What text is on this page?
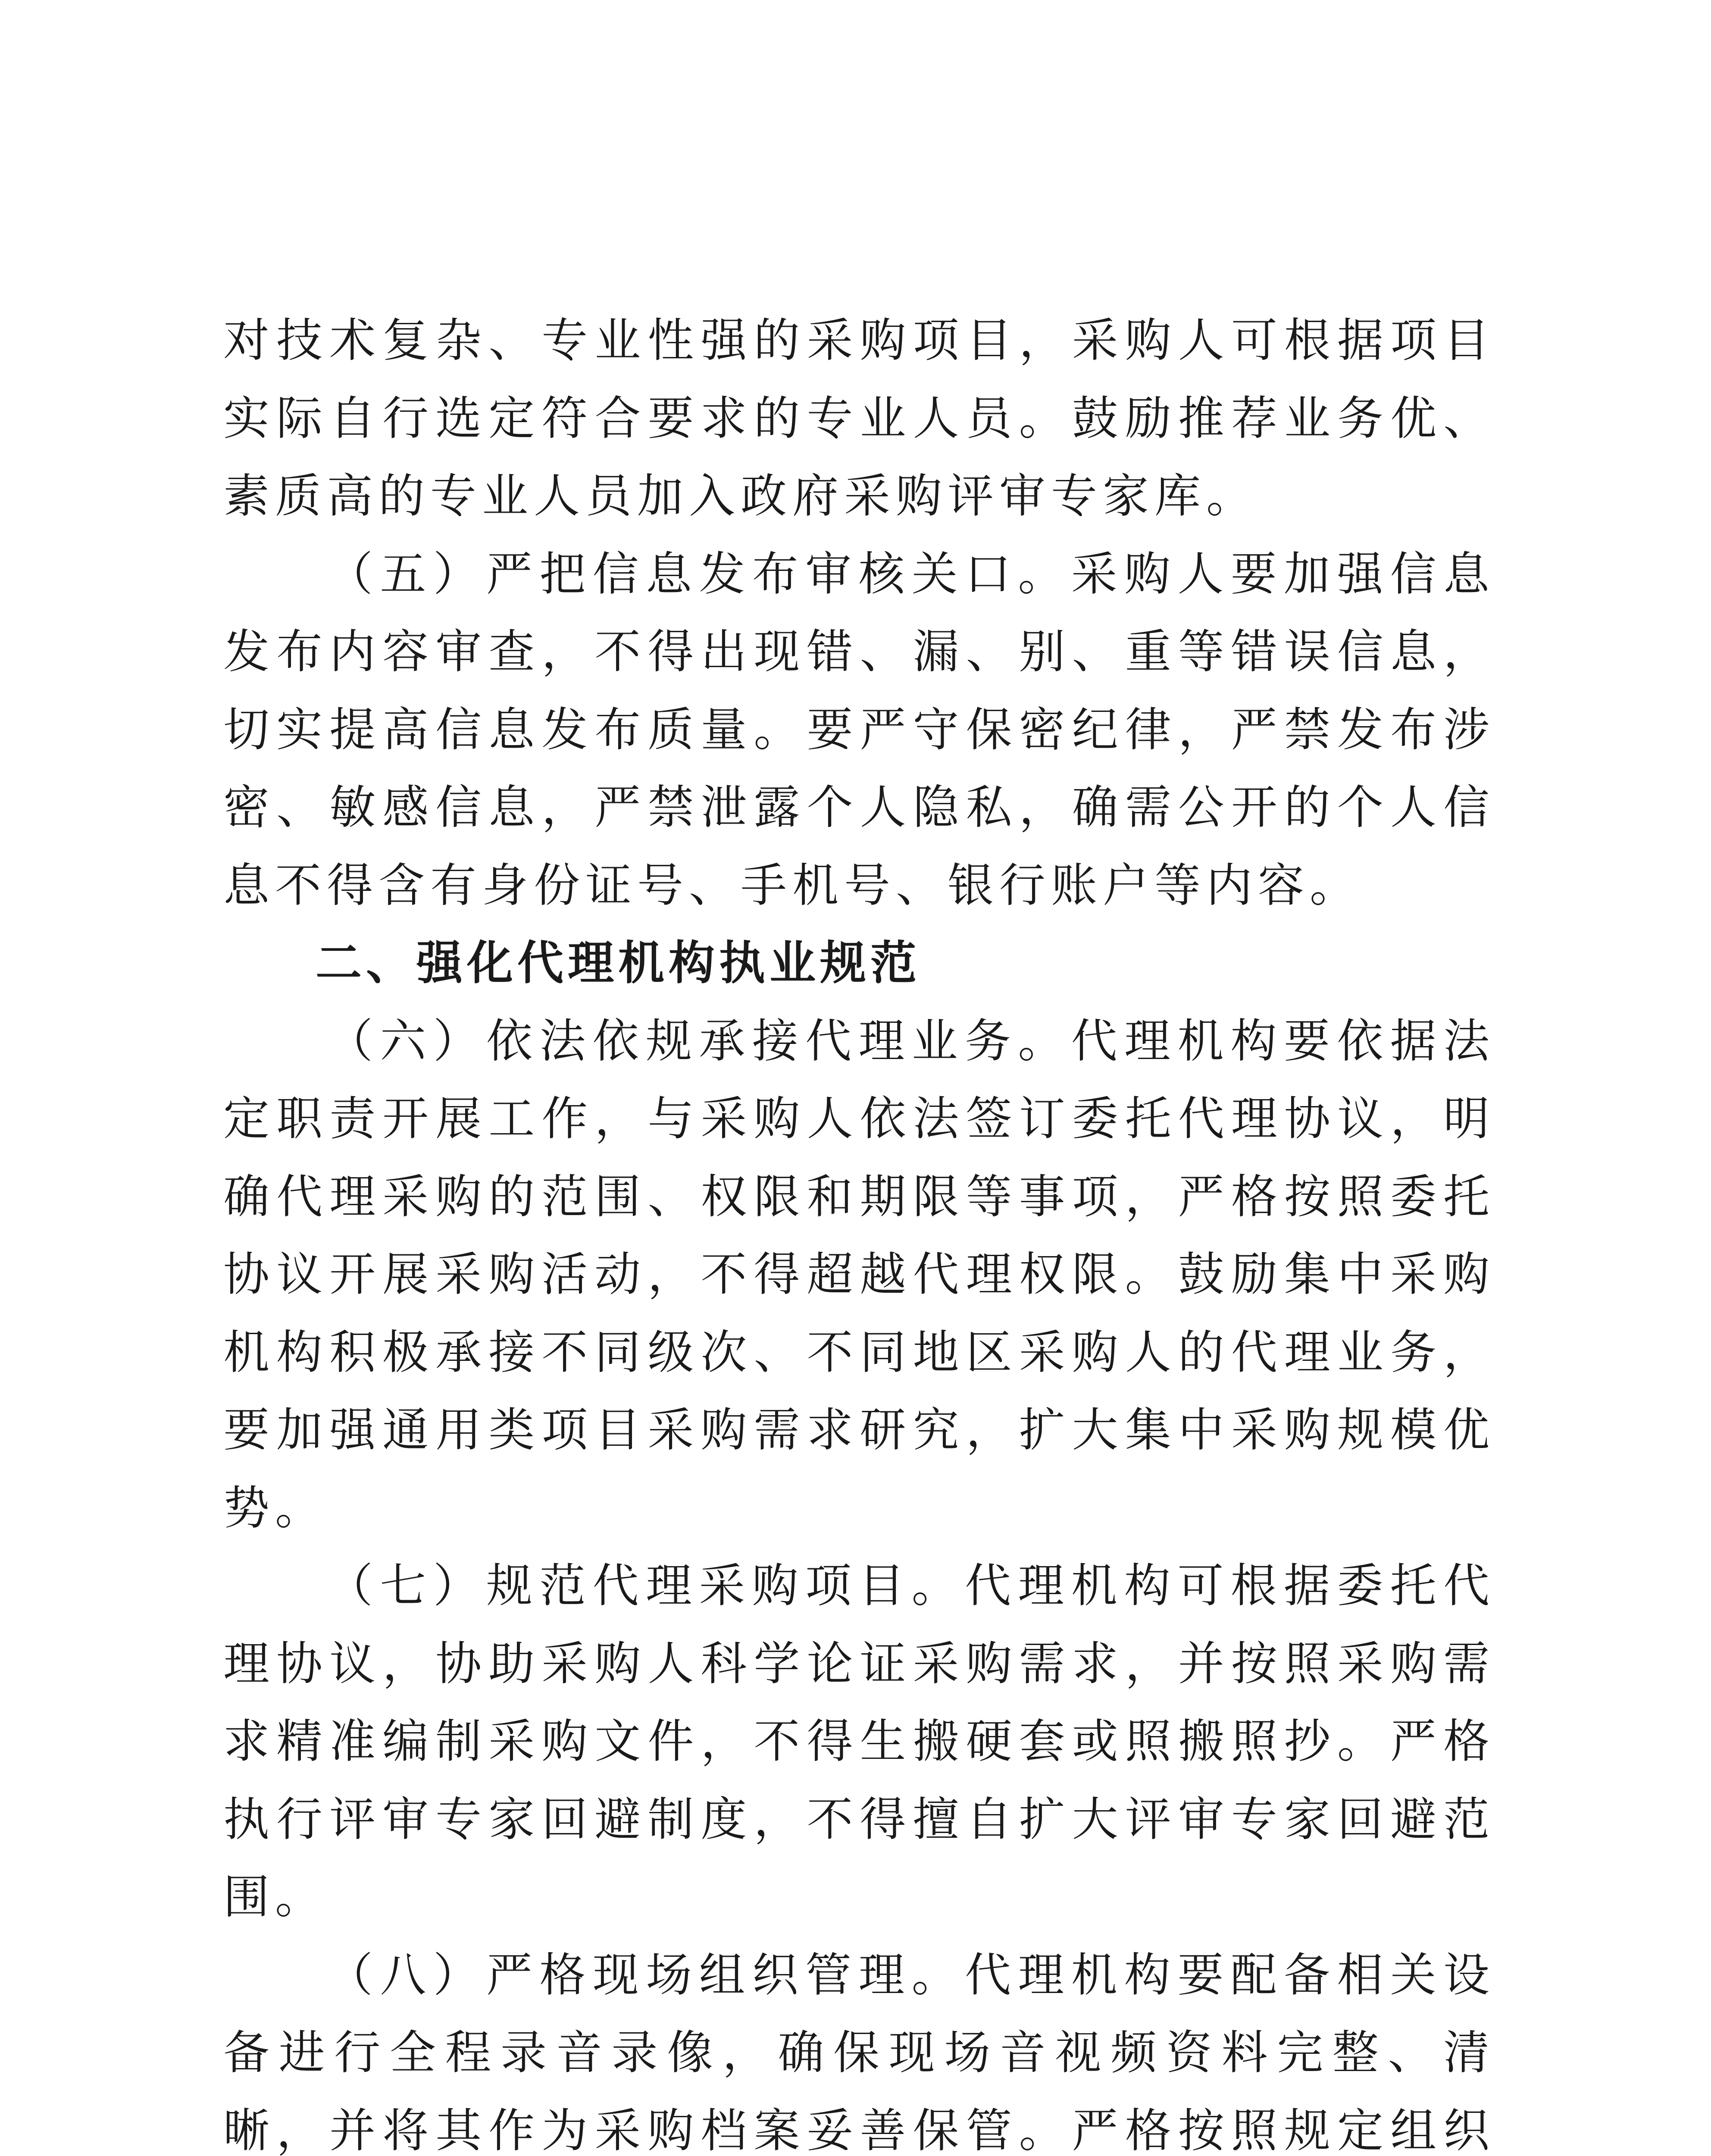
对技术复杂、专业性强的采购项目，采购人可根据项目实际自行选定符合要求的专业人员。鼓励推荐业务优、素质高的专业人员加入政府采购评审专家库。

（五）严把信息发布审核关口。采购人要加强信息发布内容审查，不得出现错、漏、别、重等错误信息，切实提高信息发布质量。要严守保密纪律，严禁发布涉密、敏感信息，严禁泄露个人隐私，确需公开的个人信息不得含有身份证号、手机号、银行账户等内容。

二、强化代理机构执业规范

（六）依法依规承接代理业务。代理机构要依据法定职责开展工作，与采购人依法签订委托代理协议，明确代理采购的范围、权限和期限等事项，严格按照委托协议开展采购活动，不得超越代理权限。鼓励集中采购机构积极承接不同级次、不同地区采购人的代理业务，要加强通用类项目采购需求研究，扩大集中采购规模优势。

（七）规范代理采购项目。代理机构可根据委托代理协议，协助采购人科学论证采购需求，并按照采购需求精准编制采购文件，不得生搬硬套或照搬照抄。严格执行评审专家回避制度，不得擅自扩大评审专家回避范围。

（八）严格现场组织管理。代理机构要配备相关设备进行全程录音录像，确保现场音视频资料完整、清晰，并将其作为采购档案妥善保管。严格按照规定组织
